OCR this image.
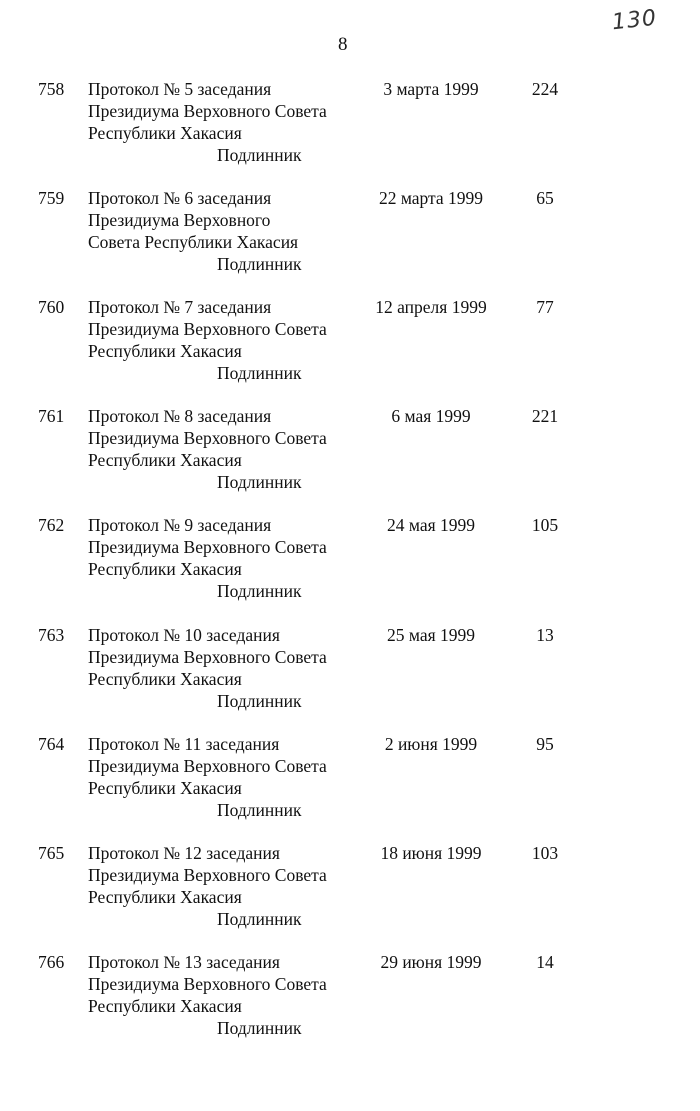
8
130
758 Протокол № 5 заседания
Президиума Верховного Совета
Республики Хакасия
Подлинник
3 марта 1999	224
759 Протокол № 6 заседания
Президиума Верховного
Совета Республики Хакасия
Подлинник
22 марта 1999	65
760 Протокол № 7 заседания
Президиума Верховного Совета
Республики Хакасия
Подлинник
12 апреля 1999	77
761 Протокол № 8 заседания
Президиума Верховного Совета
Республики Хакасия
Подлинник
6 мая 1999	221
762 Протокол № 9 заседания
Президиума Верховного Совета
Республики Хакасия
Подлинник
24 мая 1999	105
763 Протокол № 10 заседания
Президиума Верховного Совета
Республики Хакасия
Подлинник
25 мая 1999	13
764 Протокол № 11 заседания
Президиума Верховного Совета
Республики Хакасия
Подлинник
2 июня 1999	95
765 Протокол № 12 заседания
Президиума Верховного Совета
Республики Хакасия
Подлинник
18 июня 1999	103
766 Протокол № 13 заседания
Президиума Верховного Совета
Республики Хакасия
Подлинник
29 июня 1999	14
